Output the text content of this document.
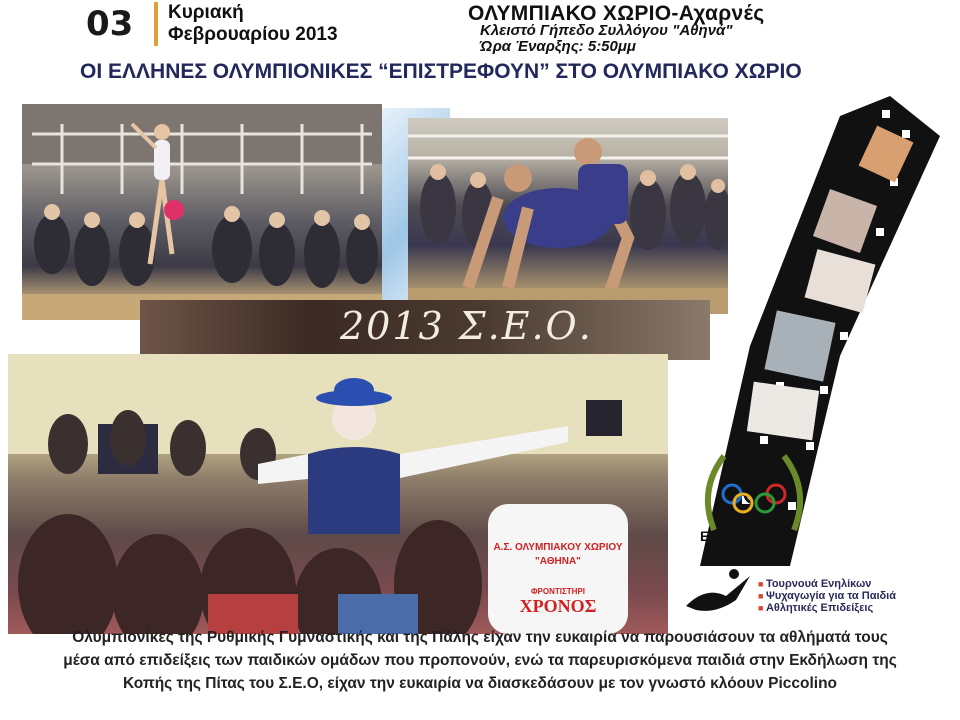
03 Κυριακή
Φεβρουαρίου 2013
ΟΛΥΜΠΙΑΚΟ ΧΩΡΙΟ-Αχαρνές
Κλειστό Γήπεδο Συλλόγου "Αθηνά"
Ώρα Έναρξης: 5:50μμ
ΟΙ ΕΛΛΗΝΕΣ ΟΛΥΜΠΙΟΝΙΚΕΣ “ΕΠΙΣΤΡΕΦΟΥΝ” ΣΤΟ ΟΛΥΜΠΙΑΚΟ ΧΩΡΙΟ
2013 Σ.Ε.Ο.
Α.Σ. ΟΛΥΜΠΙΑΚΟΥ ΧΩΡΙΟΥ
"ΑΘΗΝΑ"
ΦΡΟΝΤΙΣΤΗΡΙ
ΧΡΟΝΟΣ
ΣΕΟ
ΕΙΣ
■ Τουρνουά Ενηλίκων
■ Ψυχαγωγία για τα Παιδιά
■ Αθλητικές Επιδείξεις
Ολυμπιονίκες της Ρυθμικής Γυμναστικής και της Πάλης είχαν την ευκαιρία να παρουσιάσουν τα αθλήματά τους
μέσα από επιδείξεις των παιδικών ομάδων που προπονούν, ενώ τα παρευρισκόμενα παιδιά στην Εκδήλωση της
Κοπής της Πίτας του Σ.Ε.Ο, είχαν την ευκαιρία να διασκεδάσουν με τον γνωστό κλόουν Piccolino
